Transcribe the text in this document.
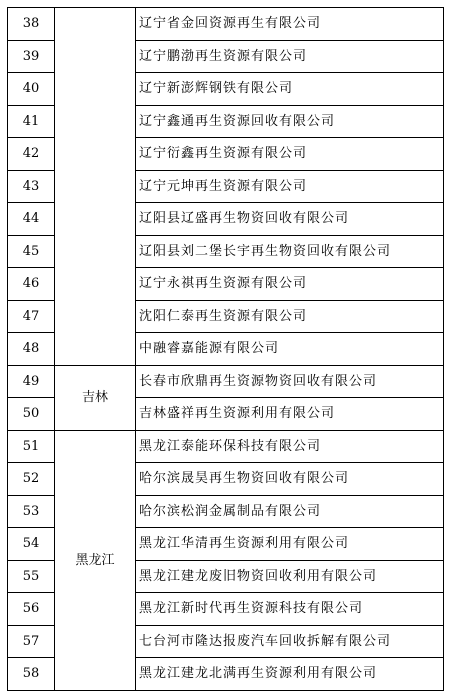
38		辽宁省金回资源再生有限公司
39		辽宁鹏渤再生资源有限公司
40		辽宁新澎辉钢铁有限公司
41		辽宁鑫通再生资源回收有限公司
42		辽宁衍鑫再生资源有限公司
43		辽宁元坤再生资源有限公司
44		辽阳县辽盛再生物资回收有限公司
45		辽阳县刘二堡长宇再生物资回收有限公司
46		辽宁永祺再生资源有限公司
47		沈阳仁泰再生资源有限公司
48		中融睿嘉能源有限公司
49	吉林	长春市欣鼎再生资源物资回收有限公司
50		吉林盛祥再生资源利用有限公司
51	黑龙江	黑龙江泰能环保科技有限公司
52		哈尔滨晟昊再生物资回收有限公司
53		哈尔滨松润金属制品有限公司
54		黑龙江华清再生资源利用有限公司
55		黑龙江建龙废旧物资回收利用有限公司
56		黑龙江新时代再生资源科技有限公司
57		七台河市隆达报废汽车回收拆解有限公司
58		黑龙江建龙北满再生资源利用有限公司
